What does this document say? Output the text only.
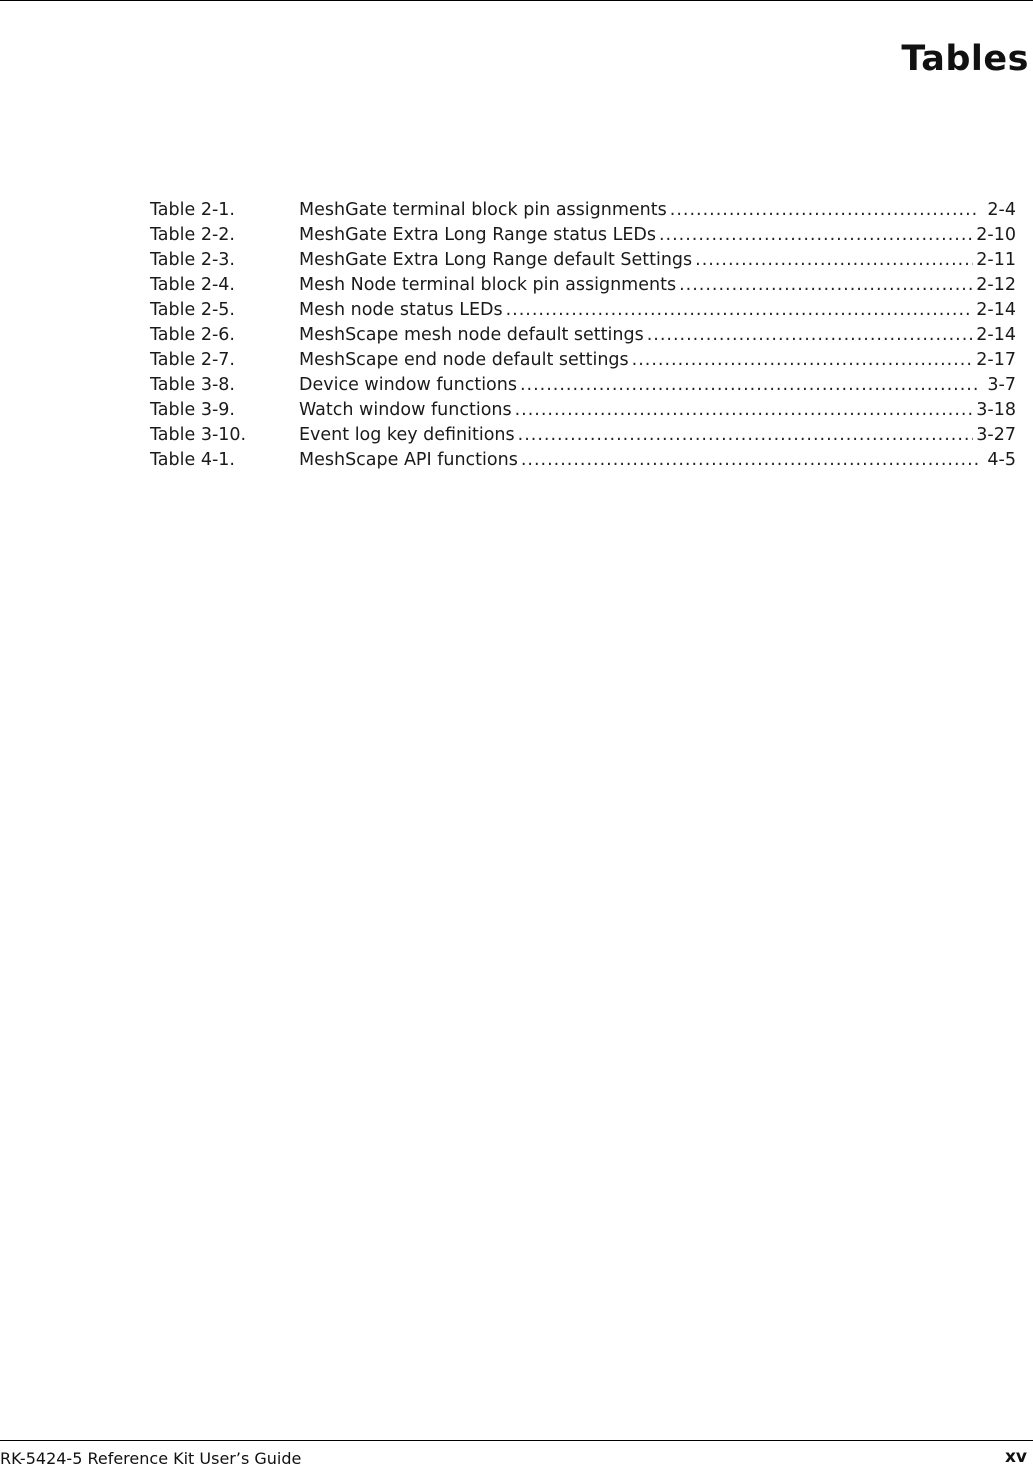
Tables
Table 2-1.	MeshGate terminal block pin assignments .....	2-4
Table 2-2.	MeshGate Extra Long Range status LEDs .....	2-10
Table 2-3.	MeshGate Extra Long Range default Settings .....	2-11
Table 2-4.	Mesh Node terminal block pin assignments .....	2-12
Table 2-5.	Mesh node status LEDs .....	2-14
Table 2-6.	MeshScape mesh node default settings .....	2-14
Table 2-7.	MeshScape end node default settings .....	2-17
Table 3-8.	Device window functions .....	3-7
Table 3-9.	Watch window functions .....	3-18
Table 3-10.	Event log key definitions .....	3-27
Table 4-1.	MeshScape API functions .....	4-5
RK-5424-5 Reference Kit User’s Guide	xv
